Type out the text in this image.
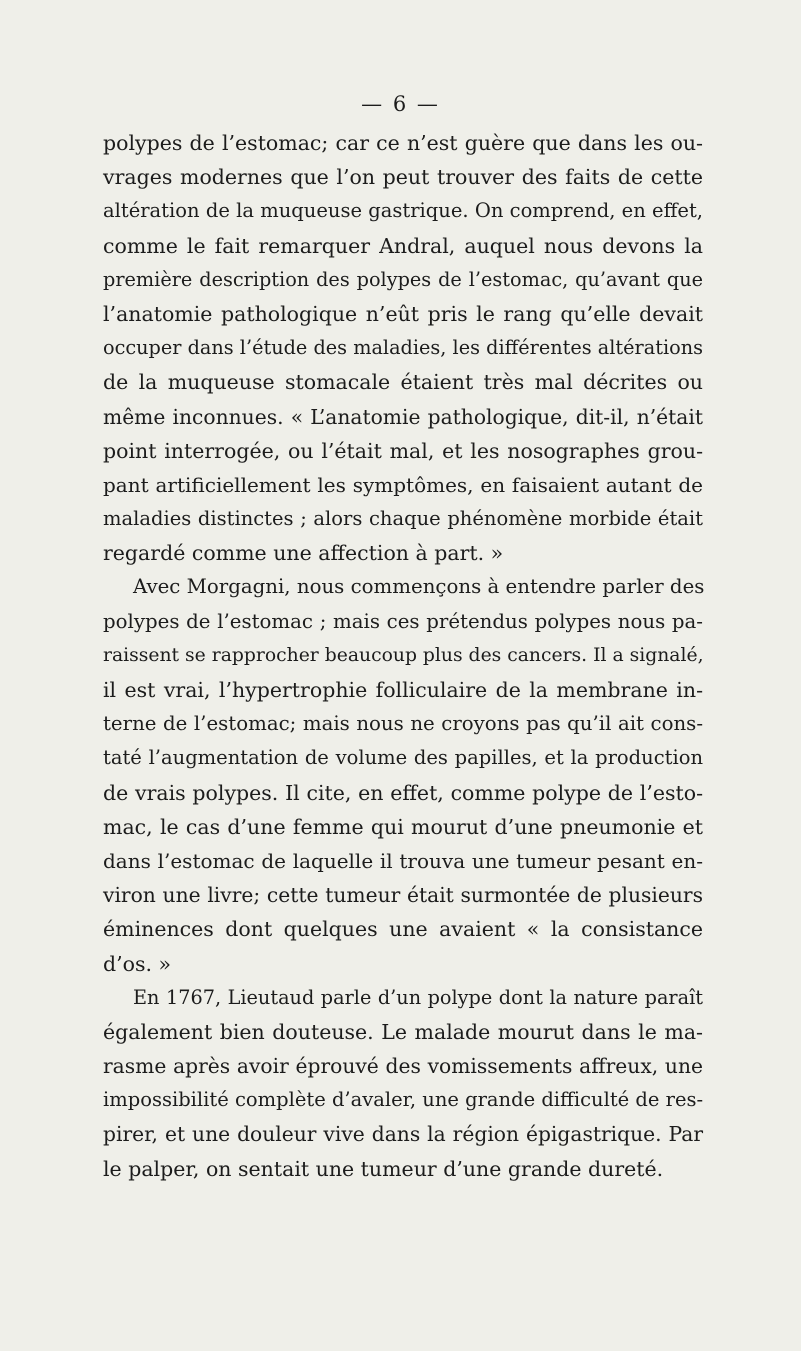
— 6 —
polypes de l’estomac; car ce n’est guère que dans les ou-
vrages modernes que l’on peut trouver des faits de cette
altération de la muqueuse gastrique. On comprend, en effet,
comme le fait remarquer Andral, auquel nous devons la
première description des polypes de l’estomac, qu’avant que
l’anatomie pathologique n’eût pris le rang qu’elle devait
occuper dans l’étude des maladies, les différentes altérations
de la muqueuse stomacale étaient très mal décrites ou
même inconnues. « L’anatomie pathologique, dit-il, n’était
point interrogée, ou l’était mal, et les nosographes grou-
pant artificiellement les symptômes, en faisaient autant de
maladies distinctes ; alors chaque phénomène morbide était
regardé comme une affection à part. »
Avec Morgagni, nous commençons à entendre parler des
polypes de l’estomac ; mais ces prétendus polypes nous pa-
raissent se rapprocher beaucoup plus des cancers. Il a signalé,
il est vrai, l’hypertrophie folliculaire de la membrane in-
terne de l’estomac; mais nous ne croyons pas qu’il ait cons-
taté l’augmentation de volume des papilles, et la production
de vrais polypes. Il cite, en effet, comme polype de l’esto-
mac, le cas d’une femme qui mourut d’une pneumonie et
dans l’estomac de laquelle il trouva une tumeur pesant en-
viron une livre; cette tumeur était surmontée de plusieurs
éminences dont quelques une avaient « la consistance
d’os. »
En 1767, Lieutaud parle d’un polype dont la nature paraît
également bien douteuse. Le malade mourut dans le ma-
rasme après avoir éprouvé des vomissements affreux, une
impossibilité complète d’avaler, une grande difficulté de res-
pirer, et une douleur vive dans la région épigastrique. Par
le palper, on sentait une tumeur d’une grande dureté.
